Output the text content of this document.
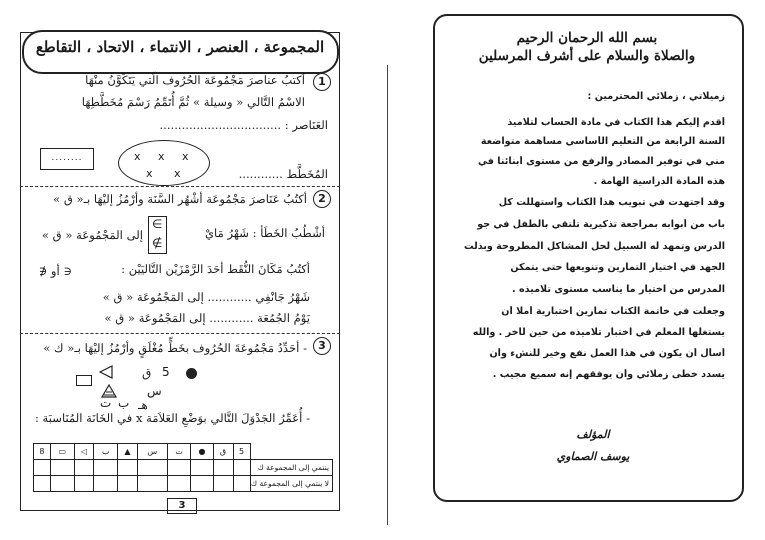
بسم الله الرحمان الرحيم
والصلاة والسلام على أشرف المرسلين
زميلاتي ، زملائي المحترمين :
أقدم إليكم هذا الكتاب في مادة الحساب لتلاميذ
السنة الرابعة من التعليم الأساسي مساهمة متواضعة
مني في توفير المصادر والرفع من مستوى أبنائنا في
هذه المادة الدراسية الهامة .
وقد اجتهدت في تبويب هذا الكتاب واستهللت كل
باب من أبوابه بمراجعة تذكيرية تلتقي بالطفل في جو
الدرس وتمهد له السبيل لحل المشاكل المطروحة وبذلت
الجهد في اختيار التمارين وتنويعها حتى يتمكن
المدرس من اختيار ما يناسب مستوى تلاميذه .
وجعلت في خاتمة الكتاب تمارين اختبارية أملا أن
يستغلها المعلم في اختبار تلاميذه من حين لآخر . والله
أسأل أن يكون في هذا العمل نفع وخير للنشء وأن
يسدد خطى زملائي وأن يوفقهم إنه سميع مجيب .
المؤلف
يوسف الصماوي
المجموعة ، العنصر ، الانتماء ، الاتحاد ، التقاطع
1
أكتبُ عناصرَ مَجْمُوعَة الحُرُوف الّتي يَتَكَوَّنُ منْهَا
الاسْمُ التَّالي « وسيلة » ثُمَّ أُتَمِّمُ رَسْمَ مُخَطَّطِهَا
العَنَاصر : .................................
........	x x x
x x	المُخَطَّط ............
2
أكتُبُ عَنَاصرَ مَجْمُوعَة أشْهُر السَّنَة وأرْمُزُ إليْهَا بـ« ق »
أشْطُبُ الخَطَأ : شَهْرُ مَايْ
∈
∉
إلى المَجْمُوعَة « ق »
أكتُبُ مَكَانَ النُّقَط أحَدَ الرَّمْزَيْن التَّاليَيْن :
∈ أو ∉
شَهْرُ جَانْفِي ............ إلى المَجْمُوعَة « ق »
يَوْمُ الجُمُعَة ............ إلى المَجْمُوعَة « ق »
3
- أحَدِّدُ مَجْمُوعَةَ الحُرُوف بخَطٍّ مُغْلَقٍ وأرْمُزُ إليْهَا بـ« ك »
ق 5
س
ب
ت هـ
- أُعَمِّرُ الجَدْوَلَ التَّالي بوَضْعِ العَلاَمَة x في الخَانَة المُنَاسبَة :
8	▭	◁	ب	▲	س	ت	●	ق	5	
										ينتمي إلى المجموعة ك
										لا ينتمي إلى المجموعة ك
3
